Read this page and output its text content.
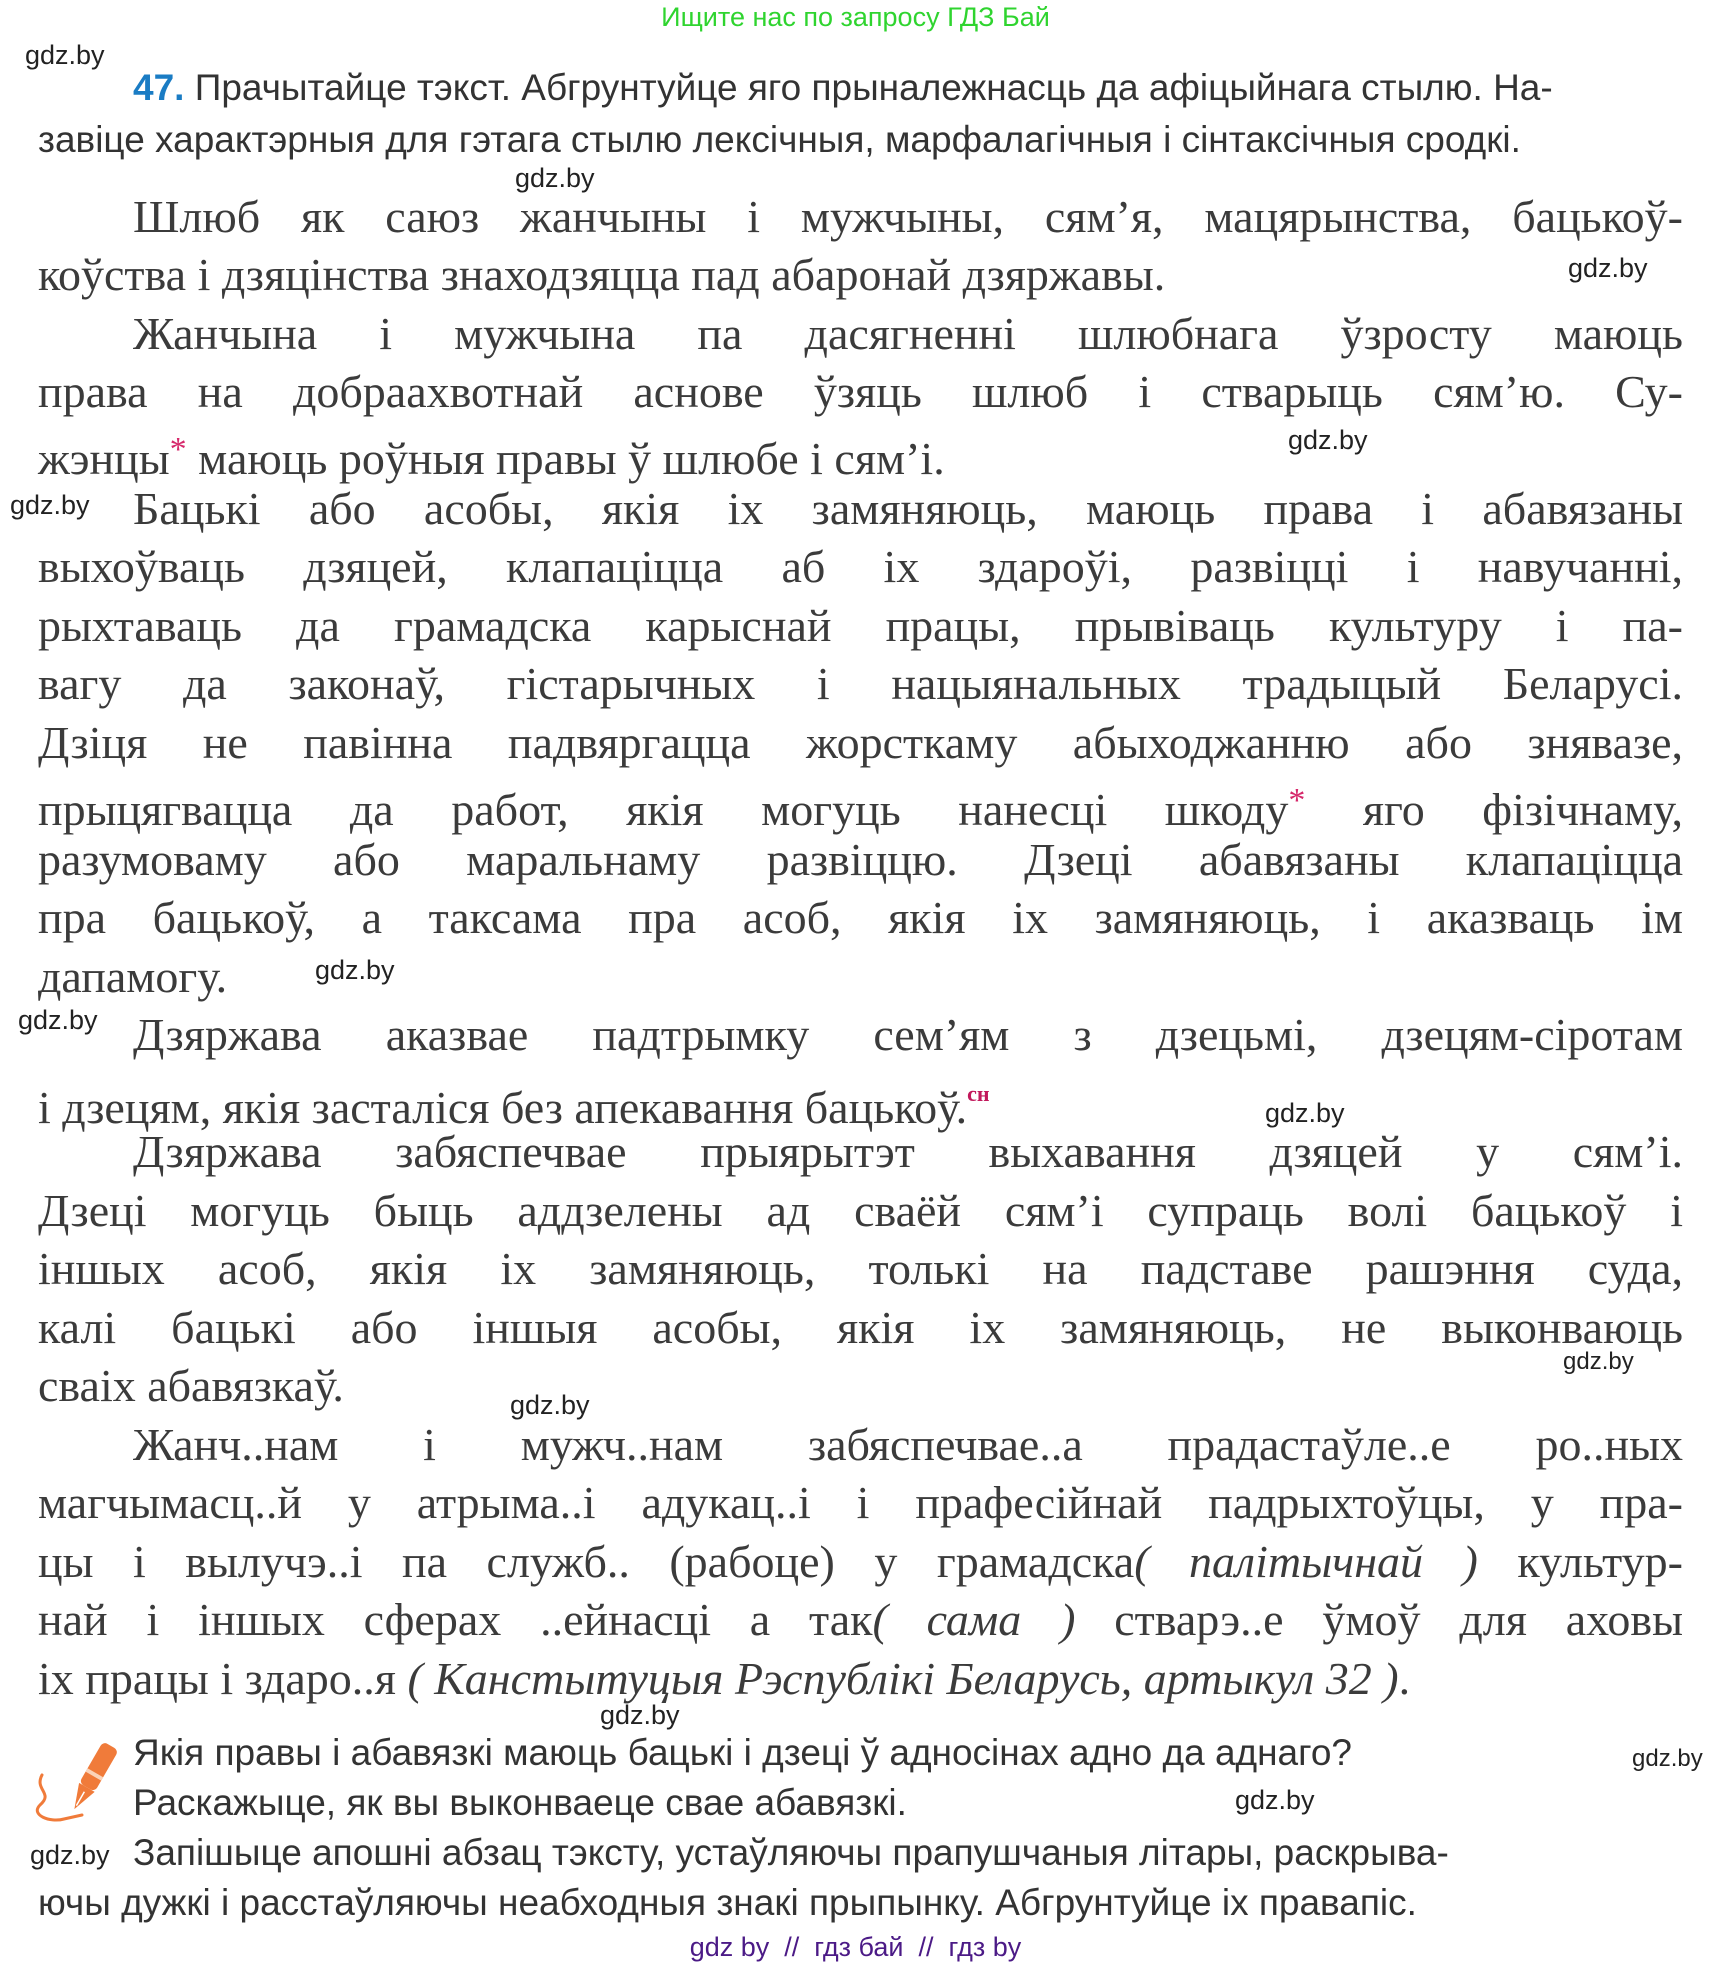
Ищите нас по запросу ГДЗ Бай
gdz.by
gdz.by
gdz.by
gdz.by
gdz.by
gdz.by
gdz.by
gdz.by
gdz.by
gdz.by
gdz.by
gdz.by
gdz.by
gdz.by
47. Прачытайце тэкст. Абгрунтуйце яго прыналежнасць да афіцыйнага стылю. На-
завіце характэрныя для гэтага стылю лексічныя, марфалагічныя і сінтаксічныя сродкі.
Шлюб як саюз жанчыны і мужчыны, сям’я, мацярынства, бацькоў-
коўства і дзяцінства знаходзяцца пад абаронай дзяржавы.
Жанчына і мужчына па дасягненні шлюбнага ўзросту маюць
права на добраахвотнай аснове ўзяць шлюб і стварыць сям’ю. Су-
жэнцы* маюць роўныя правы ў шлюбе і сям’і.
Бацькі або асобы, якія іх замяняюць, маюць права і абавязаны
выхоўваць дзяцей, клапаціцца аб іх здароўі, развіцці і навучанні,
рыхтаваць да грамадска карыснай працы, прывіваць культуру і па-
вагу да законаў, гістарычных і нацыянальных традыцый Беларусі.
Дзіця не павінна падвяргацца жорсткаму абыходжанню або знявазе,
прыцягвацца да работ, якія могуць нанесці шкоду* яго фізічнаму,
разумоваму або маральнаму развіццю. Дзеці абавязаны клапаціцца
пра бацькоў, а таксама пра асоб, якія іх замяняюць, і аказваць ім
дапамогу.
Дзяржава аказвае падтрымку сем’ям з дзецьмі, дзецям-сіротам
і дзецям, якія засталіся без апекавання бацькоў.$^{сн}$
Дзяржава забяспечвае прыярытэт выхавання дзяцей у сям’і.
Дзеці могуць быць аддзелены ад сваёй сям’і супраць волі бацькоў і
іншых асоб, якія іх замяняюць, толькі на падставе рашэння суда,
калі бацькі або іншыя асобы, якія іх замяняюць, не выконваюць
сваіх абавязкаў.
Жанч..нам і мужч..нам забяспечвае..а прадастаўле..е ро..ных
магчымасц..й у атрыма..і адукац..і і прафесійнай падрыхтоўцы, у пра-
цы і вылучэ..і па служб.. (рабоце) у грамадска( палітычнай ) культур-
най і іншых сферах ..ейнасці а так( сама ) стварэ..е ўмоў для аховы
іх працы і здаро..я ( Канстытуцыя Рэспублікі Беларусь, артыкул 32 ).
Якія правы і абавязкі маюць бацькі і дзеці ў адносінах адно да аднаго?
Раскажыце, як вы выконваеце свае абавязкі.
Запішыце апошні абзац тэксту, устаўляючы прапушчаныя літары, раскрыва-
ючы дужкі і расстаўляючы неабходныя знакі прыпынку. Абгрунтуйце іх правапіс.
gdz by  //  гдз бай  //  гдз by
